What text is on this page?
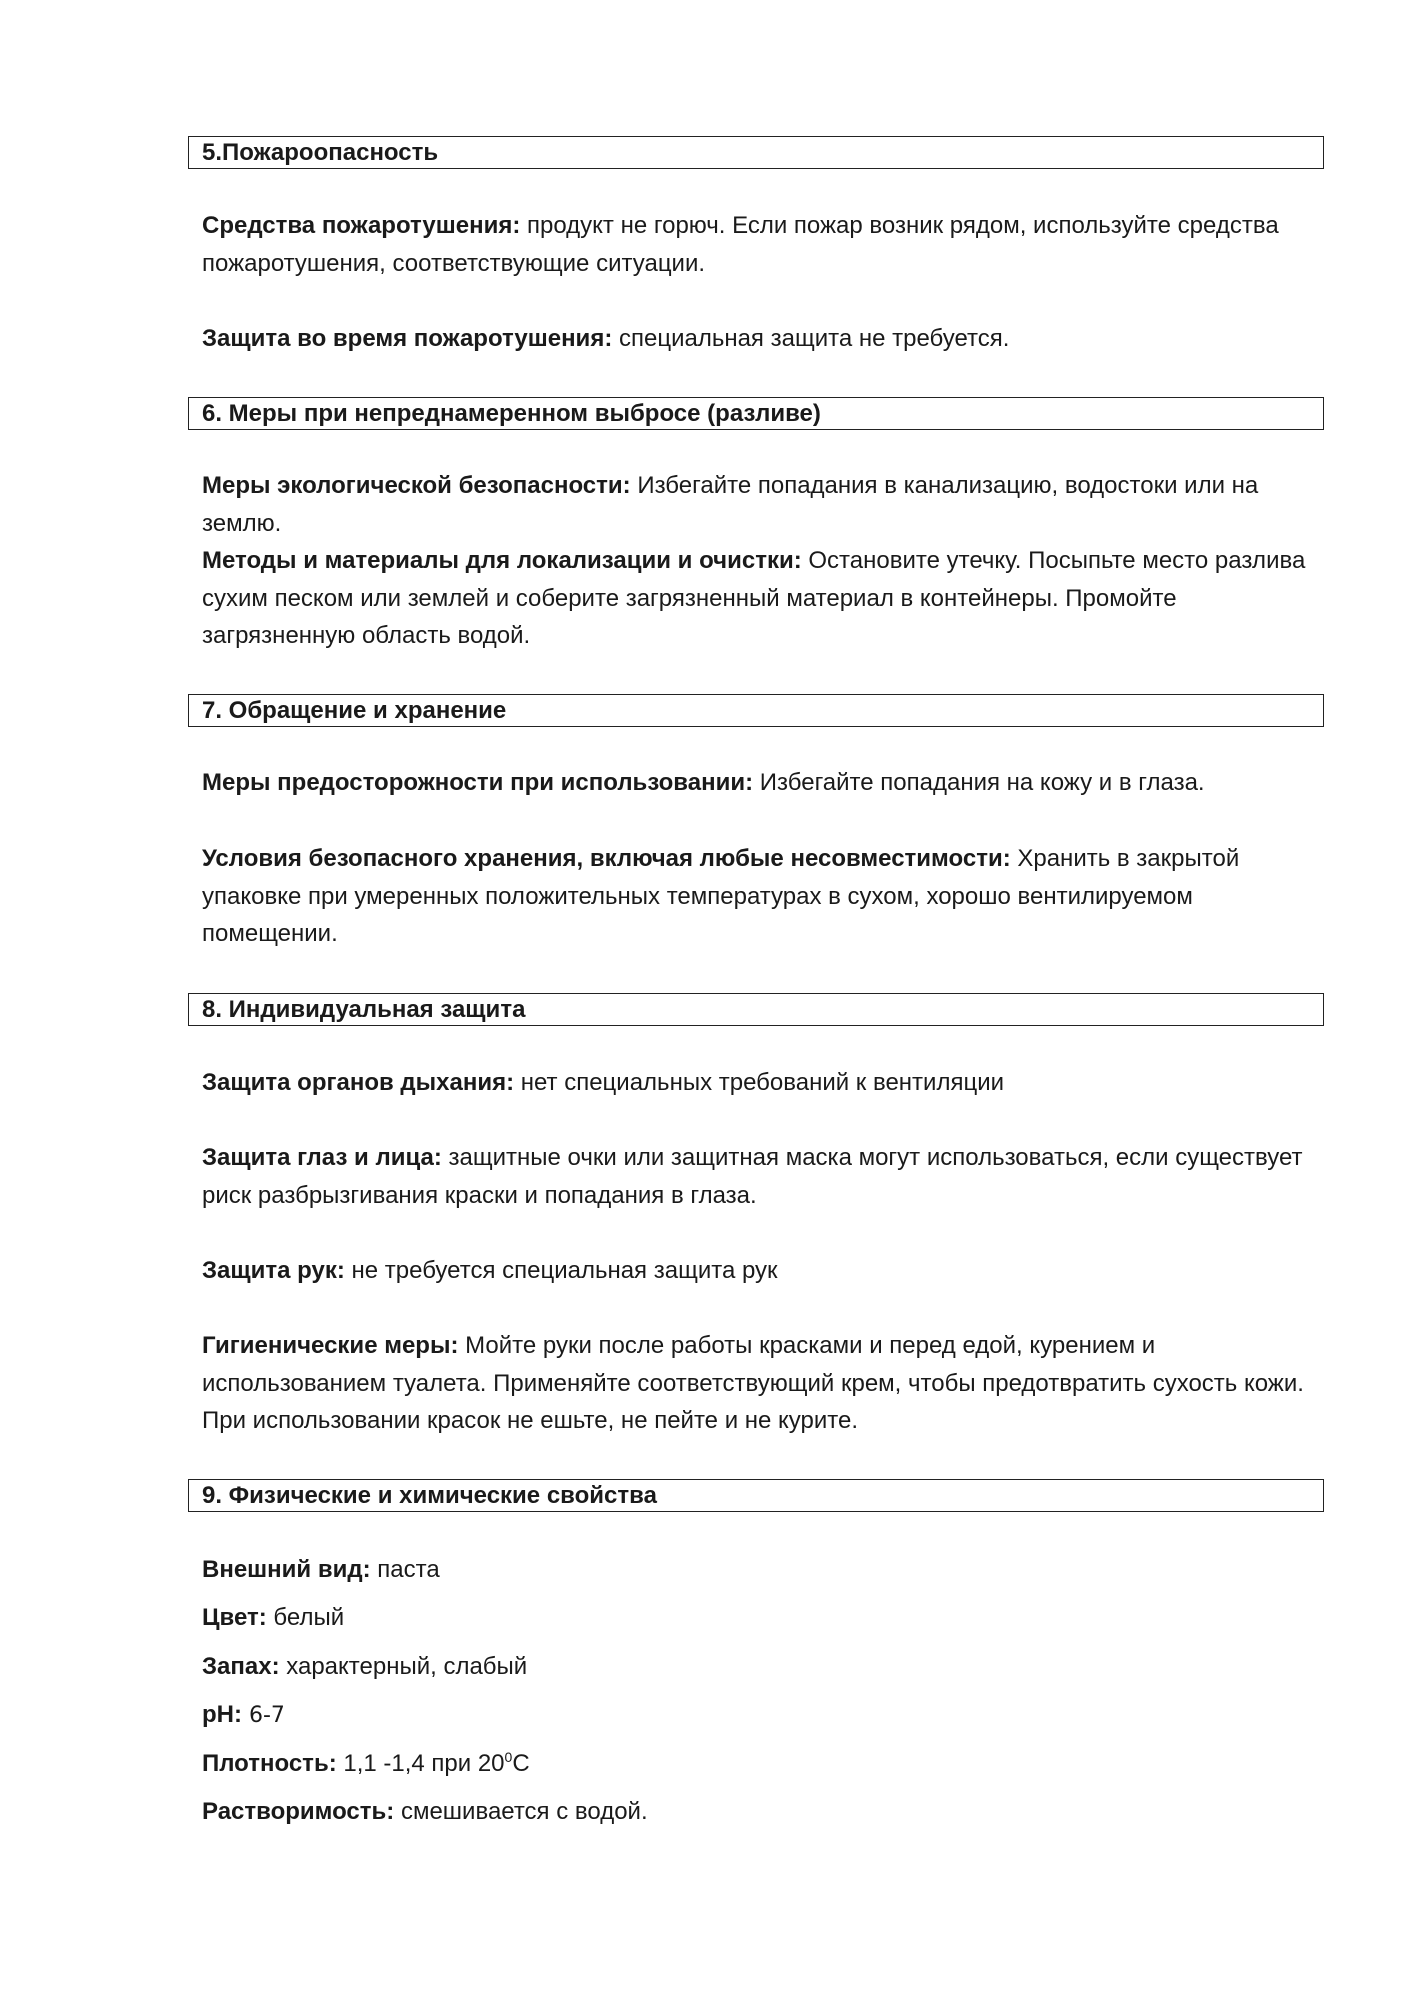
5.Пожароопасность
Средства пожаротушения: продукт не горюч. Если пожар возник рядом, используйте средства пожаротушения, соответствующие ситуации.
Защита во время пожаротушения: специальная защита не требуется.
6. Меры при непреднамеренном выбросе (разливе)
Меры экологической безопасности: Избегайте попадания в канализацию, водостоки или на землю.
Методы и материалы для локализации и очистки: Остановите утечку. Посыпьте место разлива сухим песком или землей и соберите загрязненный материал в контейнеры. Промойте загрязненную область водой.
7. Обращение и хранение
Меры предосторожности при использовании: Избегайте попадания на кожу и в глаза.
Условия безопасного хранения, включая любые несовместимости: Хранить в закрытой упаковке при умеренных положительных температурах в сухом, хорошо вентилируемом помещении.
8. Индивидуальная защита
Защита органов дыхания: нет специальных требований к вентиляции
Защита глаз и лица: защитные очки или защитная маска могут использоваться, если существует риск разбрызгивания краски и попадания в глаза.
Защита рук: не требуется специальная защита рук
Гигиенические меры: Мойте руки после работы красками и перед едой, курением и использованием туалета. Применяйте соответствующий крем, чтобы предотвратить сухость кожи. При использовании красок не ешьте, не пейте и не курите.
9. Физические и химические свойства
Внешний вид: паста
Цвет: белый
Запах: характерный, слабый
pH: 6-7
Плотность: 1,1 -1,4 при $20^0С$
Растворимость: смешивается с водой.
